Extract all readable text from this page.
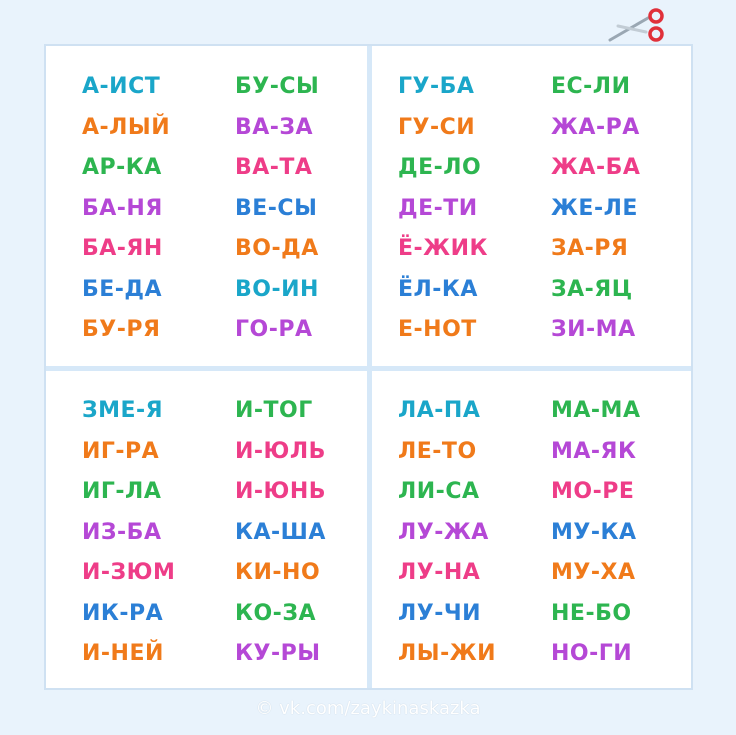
А-ИСТ
А-ЛЫЙ
АР-КА
БА-НЯ
БА-ЯН
БЕ-ДА
БУ-РЯ
БУ-СЫ
ВА-ЗА
ВА-ТА
ВЕ-СЫ
ВО-ДА
ВО-ИН
ГО-РА
ГУ-БА
ГУ-СИ
ДЕ-ЛО
ДЕ-ТИ
Ё-ЖИК
ЁЛ-КА
Е-НОТ
ЕС-ЛИ
ЖА-РА
ЖА-БА
ЖЕ-ЛЕ
ЗА-РЯ
ЗА-ЯЦ
ЗИ-МА
ЗМЕ-Я
ИГ-РА
ИГ-ЛА
ИЗ-БА
И-ЗЮМ
ИК-РА
И-НЕЙ
И-ТОГ
И-ЮЛЬ
И-ЮНЬ
КА-ША
КИ-НО
КО-ЗА
КУ-РЫ
ЛА-ПА
ЛЕ-ТО
ЛИ-СА
ЛУ-ЖА
ЛУ-НА
ЛУ-ЧИ
ЛЫ-ЖИ
МА-МА
МА-ЯК
МО-РЕ
МУ-КА
МУ-ХА
НЕ-БО
НО-ГИ
© vk.com/zaykinaskazka
